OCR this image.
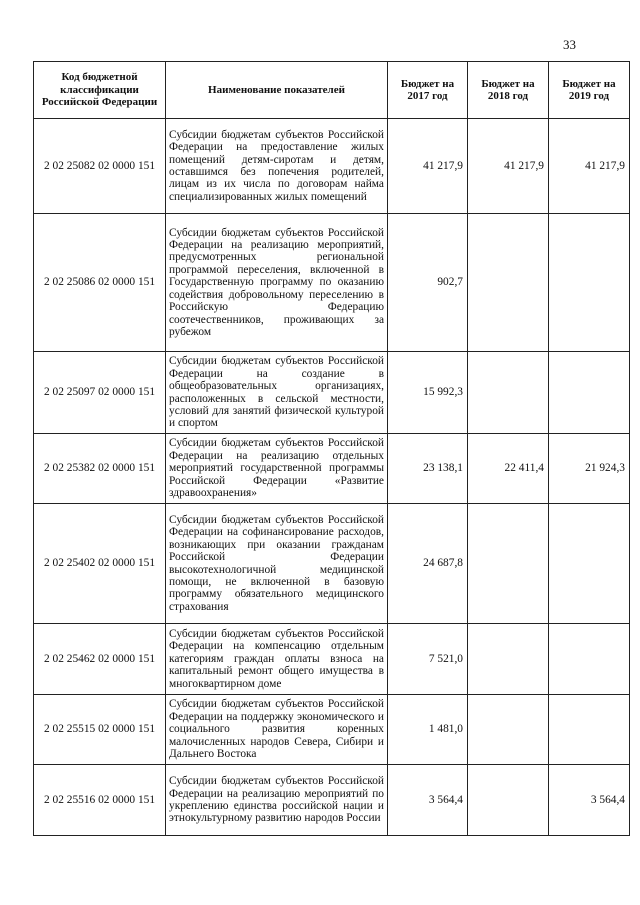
33
Код бюджетной классификации Российской Федерации	Наименование показателей	Бюджет на 2017 год	Бюджет на 2018 год	Бюджет на 2019 год
2 02 25082 02 0000 151	Субсидии бюджетам субъектов Российской Федерации на предоставление жилых помещений детям-сиротам и детям, оставшимся без попечения родителей, лицам из их числа по договорам найма специализированных жилых помещений	41 217,9	41 217,9	41 217,9
2 02 25086 02 0000 151	Субсидии бюджетам субъектов Российской Федерации на реализацию мероприятий, предусмотренных региональной программой переселения, включенной в Государственную программу по оказанию содействия добровольному переселению в Российскую Федерацию соотечественников, проживающих за рубежом	902,7		
2 02 25097 02 0000 151	Субсидии бюджетам субъектов Российской Федерации на создание в общеобразовательных организациях, расположенных в сельской местности, условий для занятий физической культурой и спортом	15 992,3		
2 02 25382 02 0000 151	Субсидии бюджетам субъектов Российской Федерации на реализацию отдельных мероприятий государственной программы Российской Федерации «Развитие здравоохранения»	23 138,1	22 411,4	21 924,3
2 02 25402 02 0000 151	Субсидии бюджетам субъектов Российской Федерации на софинансирование расходов, возникающих при оказании гражданам Российской Федерации высокотехнологичной медицинской помощи, не включенной в базовую программу обязательного медицинского страхования	24 687,8		
2 02 25462 02 0000 151	Субсидии бюджетам субъектов Российской Федерации на компенсацию отдельным категориям граждан оплаты взноса на капитальный ремонт общего имущества в многоквартирном доме	7 521,0		
2 02 25515 02 0000 151	Субсидии бюджетам субъектов Российской Федерации на поддержку экономического и социального развития коренных малочисленных народов Севера, Сибири и Дальнего Востока	1 481,0		
2 02 25516 02 0000 151	Субсидии бюджетам субъектов Российской Федерации на реализацию мероприятий по укреплению единства российской нации и этнокультурному развитию народов России	3 564,4		3 564,4
